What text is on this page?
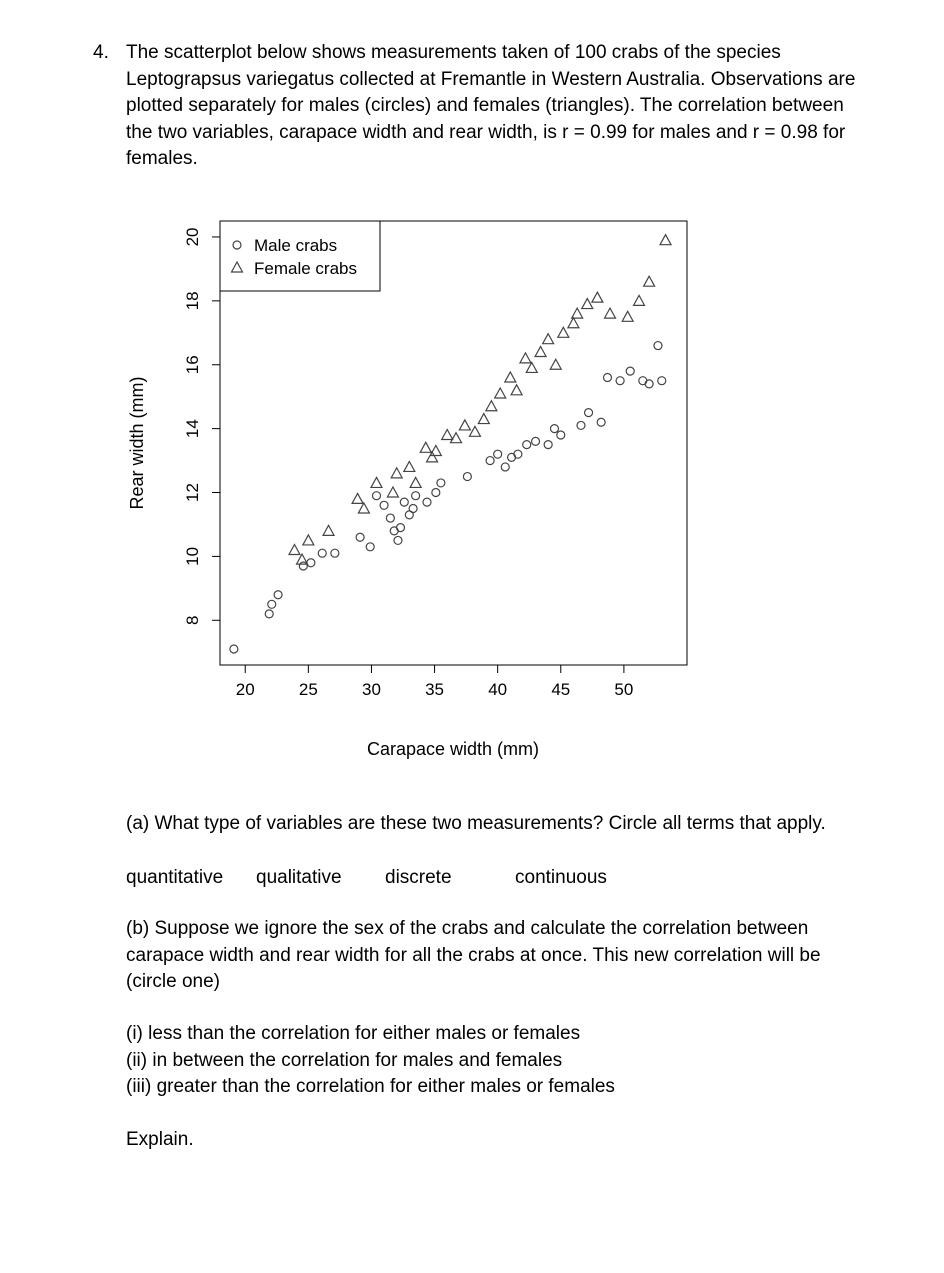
4. The scatterplot below shows measurements taken of 100 crabs of the species

Leptograpsus variegatus collected at Fremantle in Western Australia. Observations are

plotted separately for males (circles) and females (triangles). The correlation between

the two variables, carapace width and rear width, is r = 0.99 for males and r = 0.98 for

females.

20	25	30	35	40	45	50
8
10
12
14
16
18
20
Carapace width (mm)
Rear width (mm)
Male crabs
Female crabs
(a) What type of variables are these two measurements? Circle all terms that apply.
quantitative qualitative discrete	continuous

(b) Suppose we ignore the sex of the crabs and calculate the correlation between

carapace width and rear width for all the crabs at once. This new correlation will be

(circle one)

(i) less than the correlation for either males or females

(ii) in between the correlation for males and females

(iii) greater than the correlation for either males or females

Explain.
